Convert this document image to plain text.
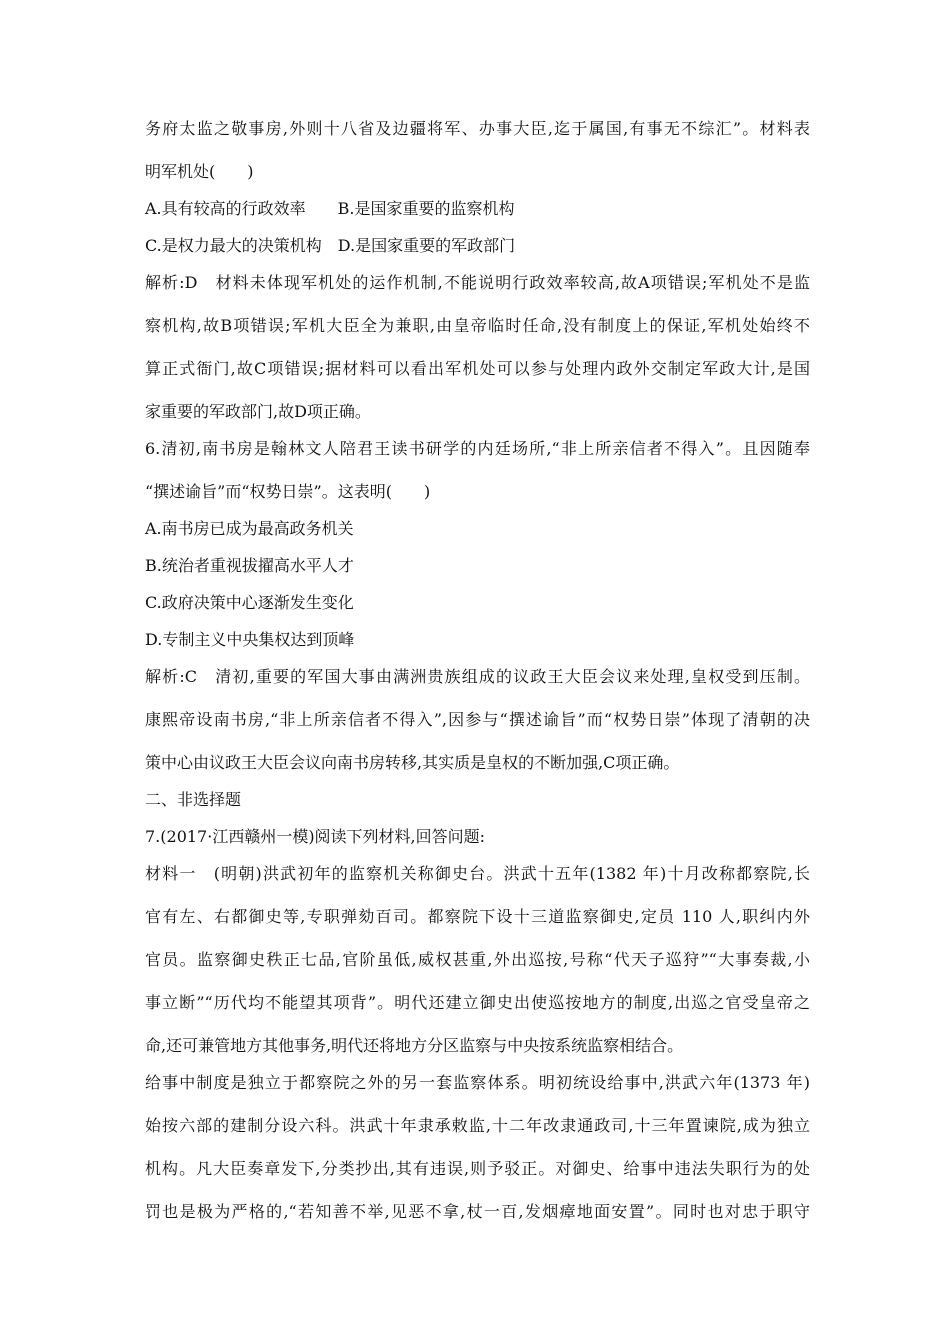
务府太监之敬事房,外则十八省及边疆将军、办事大臣,迄于属国,有事无不综汇”。材料表
明军机处(　　)
A.具有较高的行政效率　　B.是国家重要的监察机构
C.是权力最大的决策机构　D.是国家重要的军政部门
解析:D　材料未体现军机处的运作机制,不能说明行政效率较高,故A项错误;军机处不是监
察机构,故B项错误;军机大臣全为兼职,由皇帝临时任命,没有制度上的保证,军机处始终不
算正式衙门,故C项错误;据材料可以看出军机处可以参与处理内政外交制定军政大计,是国
家重要的军政部门,故D项正确。
6.清初,南书房是翰林文人陪君王读书研学的内廷场所,“非上所亲信者不得入”。且因随奉
“撰述谕旨”而“权势日崇”。这表明(　　)
A.南书房已成为最高政务机关
B.统治者重视拔擢高水平人才
C.政府决策中心逐渐发生变化
D.专制主义中央集权达到顶峰
解析:C　清初,重要的军国大事由满洲贵族组成的议政王大臣会议来处理,皇权受到压制。
康熙帝设南书房,“非上所亲信者不得入”,因参与“撰述谕旨”而“权势日崇”体现了清朝的决
策中心由议政王大臣会议向南书房转移,其实质是皇权的不断加强,C项正确。
二、非选择题
7.(2017·江西赣州一模)阅读下列材料,回答问题:
材料一　(明朝)洪武初年的监察机关称御史台。洪武十五年(1382 年)十月改称都察院,长
官有左、右都御史等,专职弹劾百司。都察院下设十三道监察御史,定员 110 人,职纠内外
官员。监察御史秩正七品,官阶虽低,威权甚重,外出巡按,号称“代天子巡狩”“大事奏裁,小
事立断”“历代均不能望其项背”。明代还建立御史出使巡按地方的制度,出巡之官受皇帝之
命,还可兼管地方其他事务,明代还将地方分区监察与中央按系统监察相结合。
给事中制度是独立于都察院之外的另一套监察体系。明初统设给事中,洪武六年(1373 年)
始按六部的建制分设六科。洪武十年隶承敕监,十二年改隶通政司,十三年置谏院,成为独立
机构。凡大臣奏章发下,分类抄出,其有违误,则予驳正。对御史、给事中违法失职行为的处
罚也是极为严格的,“若知善不举,见恶不拿,杖一百,发烟瘴地面安置”。同时也对忠于职守
